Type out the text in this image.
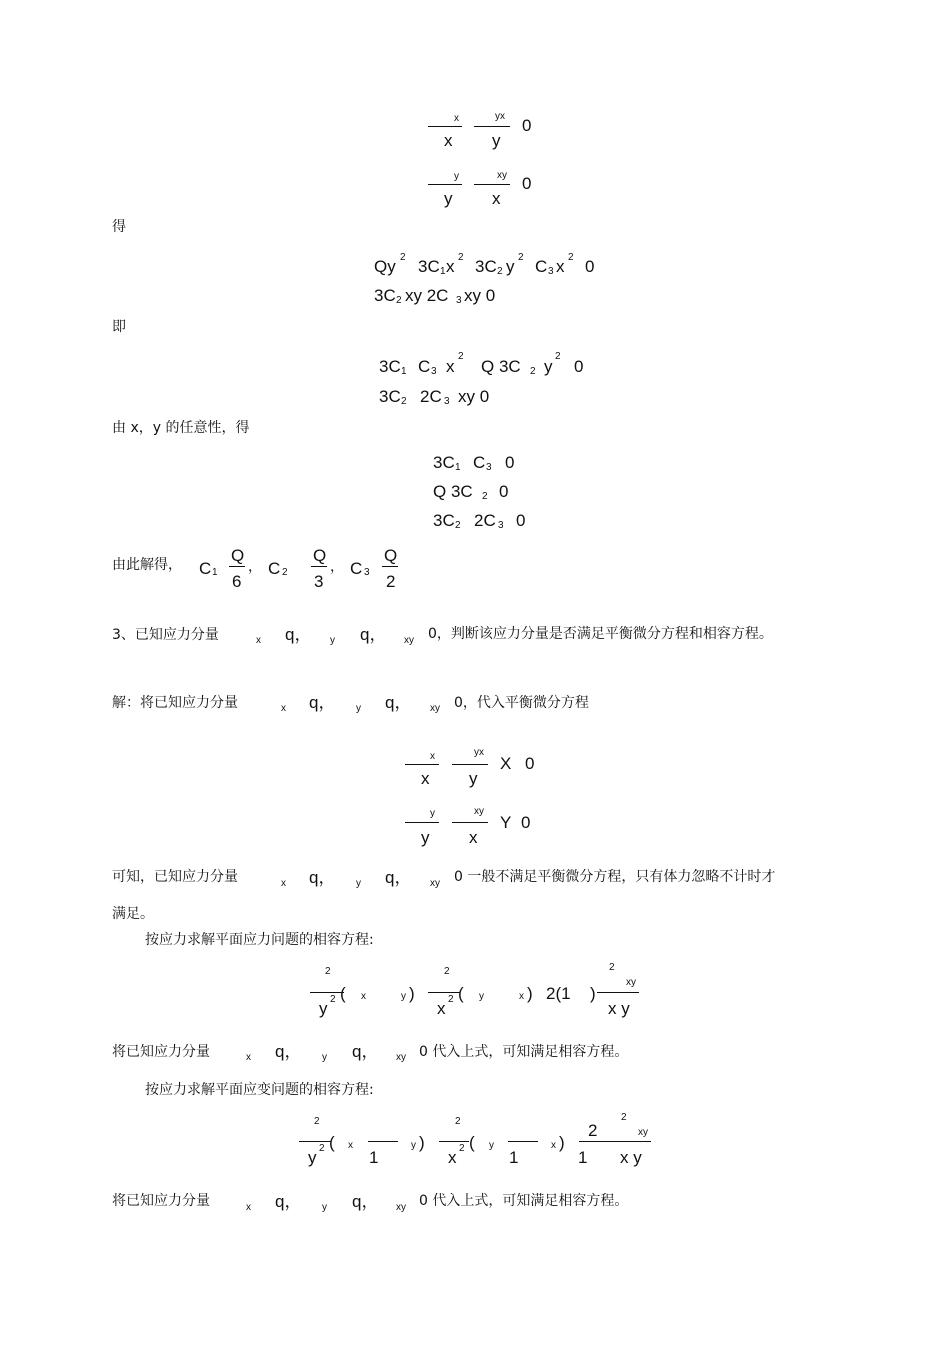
x
x
yx
y
0
y
y
xy
x
0
得
Qy 2 3C 1 x 2 3C 2 y 2 C 3 x 2 0
3C 2 xy 2C 3 xy 0
即
3C 1 C 3 x
2
Q 3C 2 y
2
0
3C 2 2C 3 xy 0
由 x，y 的任意性，得
3C 1 C 3 0
Q 3C 2 0
3C 2 2C 3 0
由此解得， C 1
Q
6
， C 2
Q
3
， C 3
Q
2
3、已知应力分量	x q， y q， xy 0，判断该应力分量是否满足平衡微分方程和相容方程。
解：将已知应力分量	x q， y q， xy 0，代入平衡微分方程
x
x
yx
y
X 0
y
y
xy
x
Y 0
可知，已知应力分量	x q， y q， xy 0 一般不满足平衡微分方程，只有体力忽略不计时才
满足。
按应力求解平面应力问题的相容方程:
2
y 2 ( x	y )
2
x 2 ( y	x ) 2(1 )
2
xy
x y
将已知应力分量	x q， y q， xy 0 代入上式，可知满足相容方程。
按应力求解平面应变问题的相容方程:
2
y 2 ( x
1
y )
2
x 2 ( y
1
x )
2
1
2
xy
x y
将已知应力分量	x q， y q， xy 0 代入上式，可知满足相容方程。
